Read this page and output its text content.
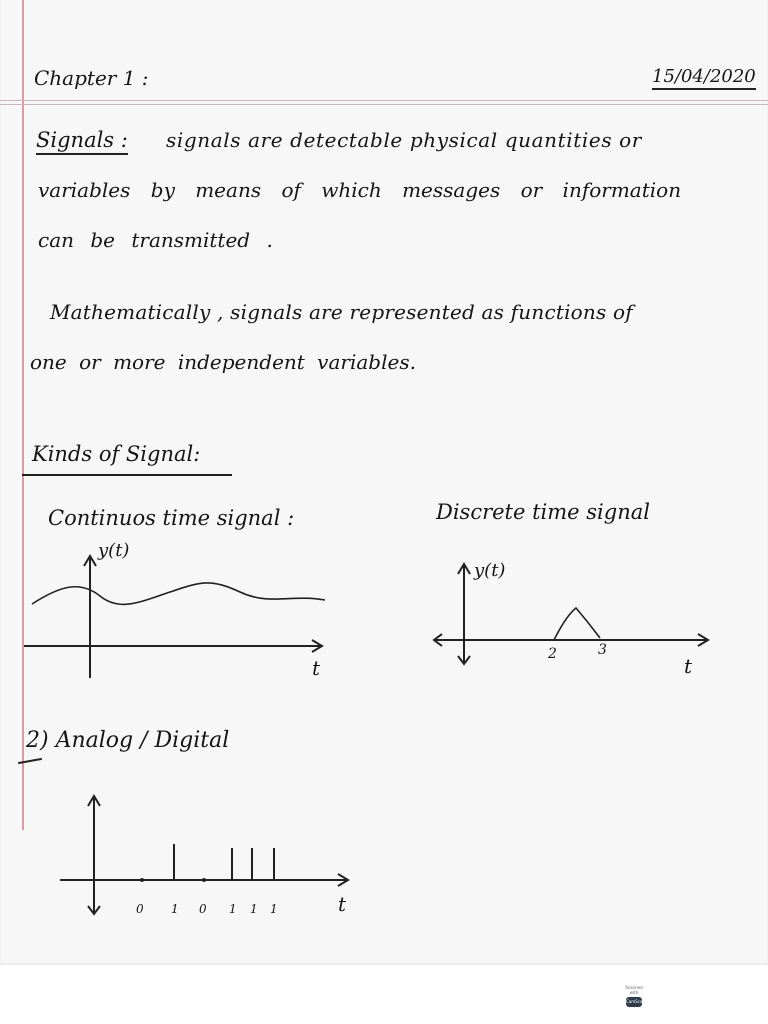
Chapter 1 :	15/04/2020
Signals : signals are detectable physical quantities or
variables by means of which messages or information
can be transmitted .
Mathematically , signals are represented as functions of
one or more independent variables.
Kinds of Signal:
Continuos time signal :	Discrete time signal
y(t)
t
y(t)
2	3
t
2) Analog / Digital
0 1 0 1 1 1	t
Scanned with
CamScanner
